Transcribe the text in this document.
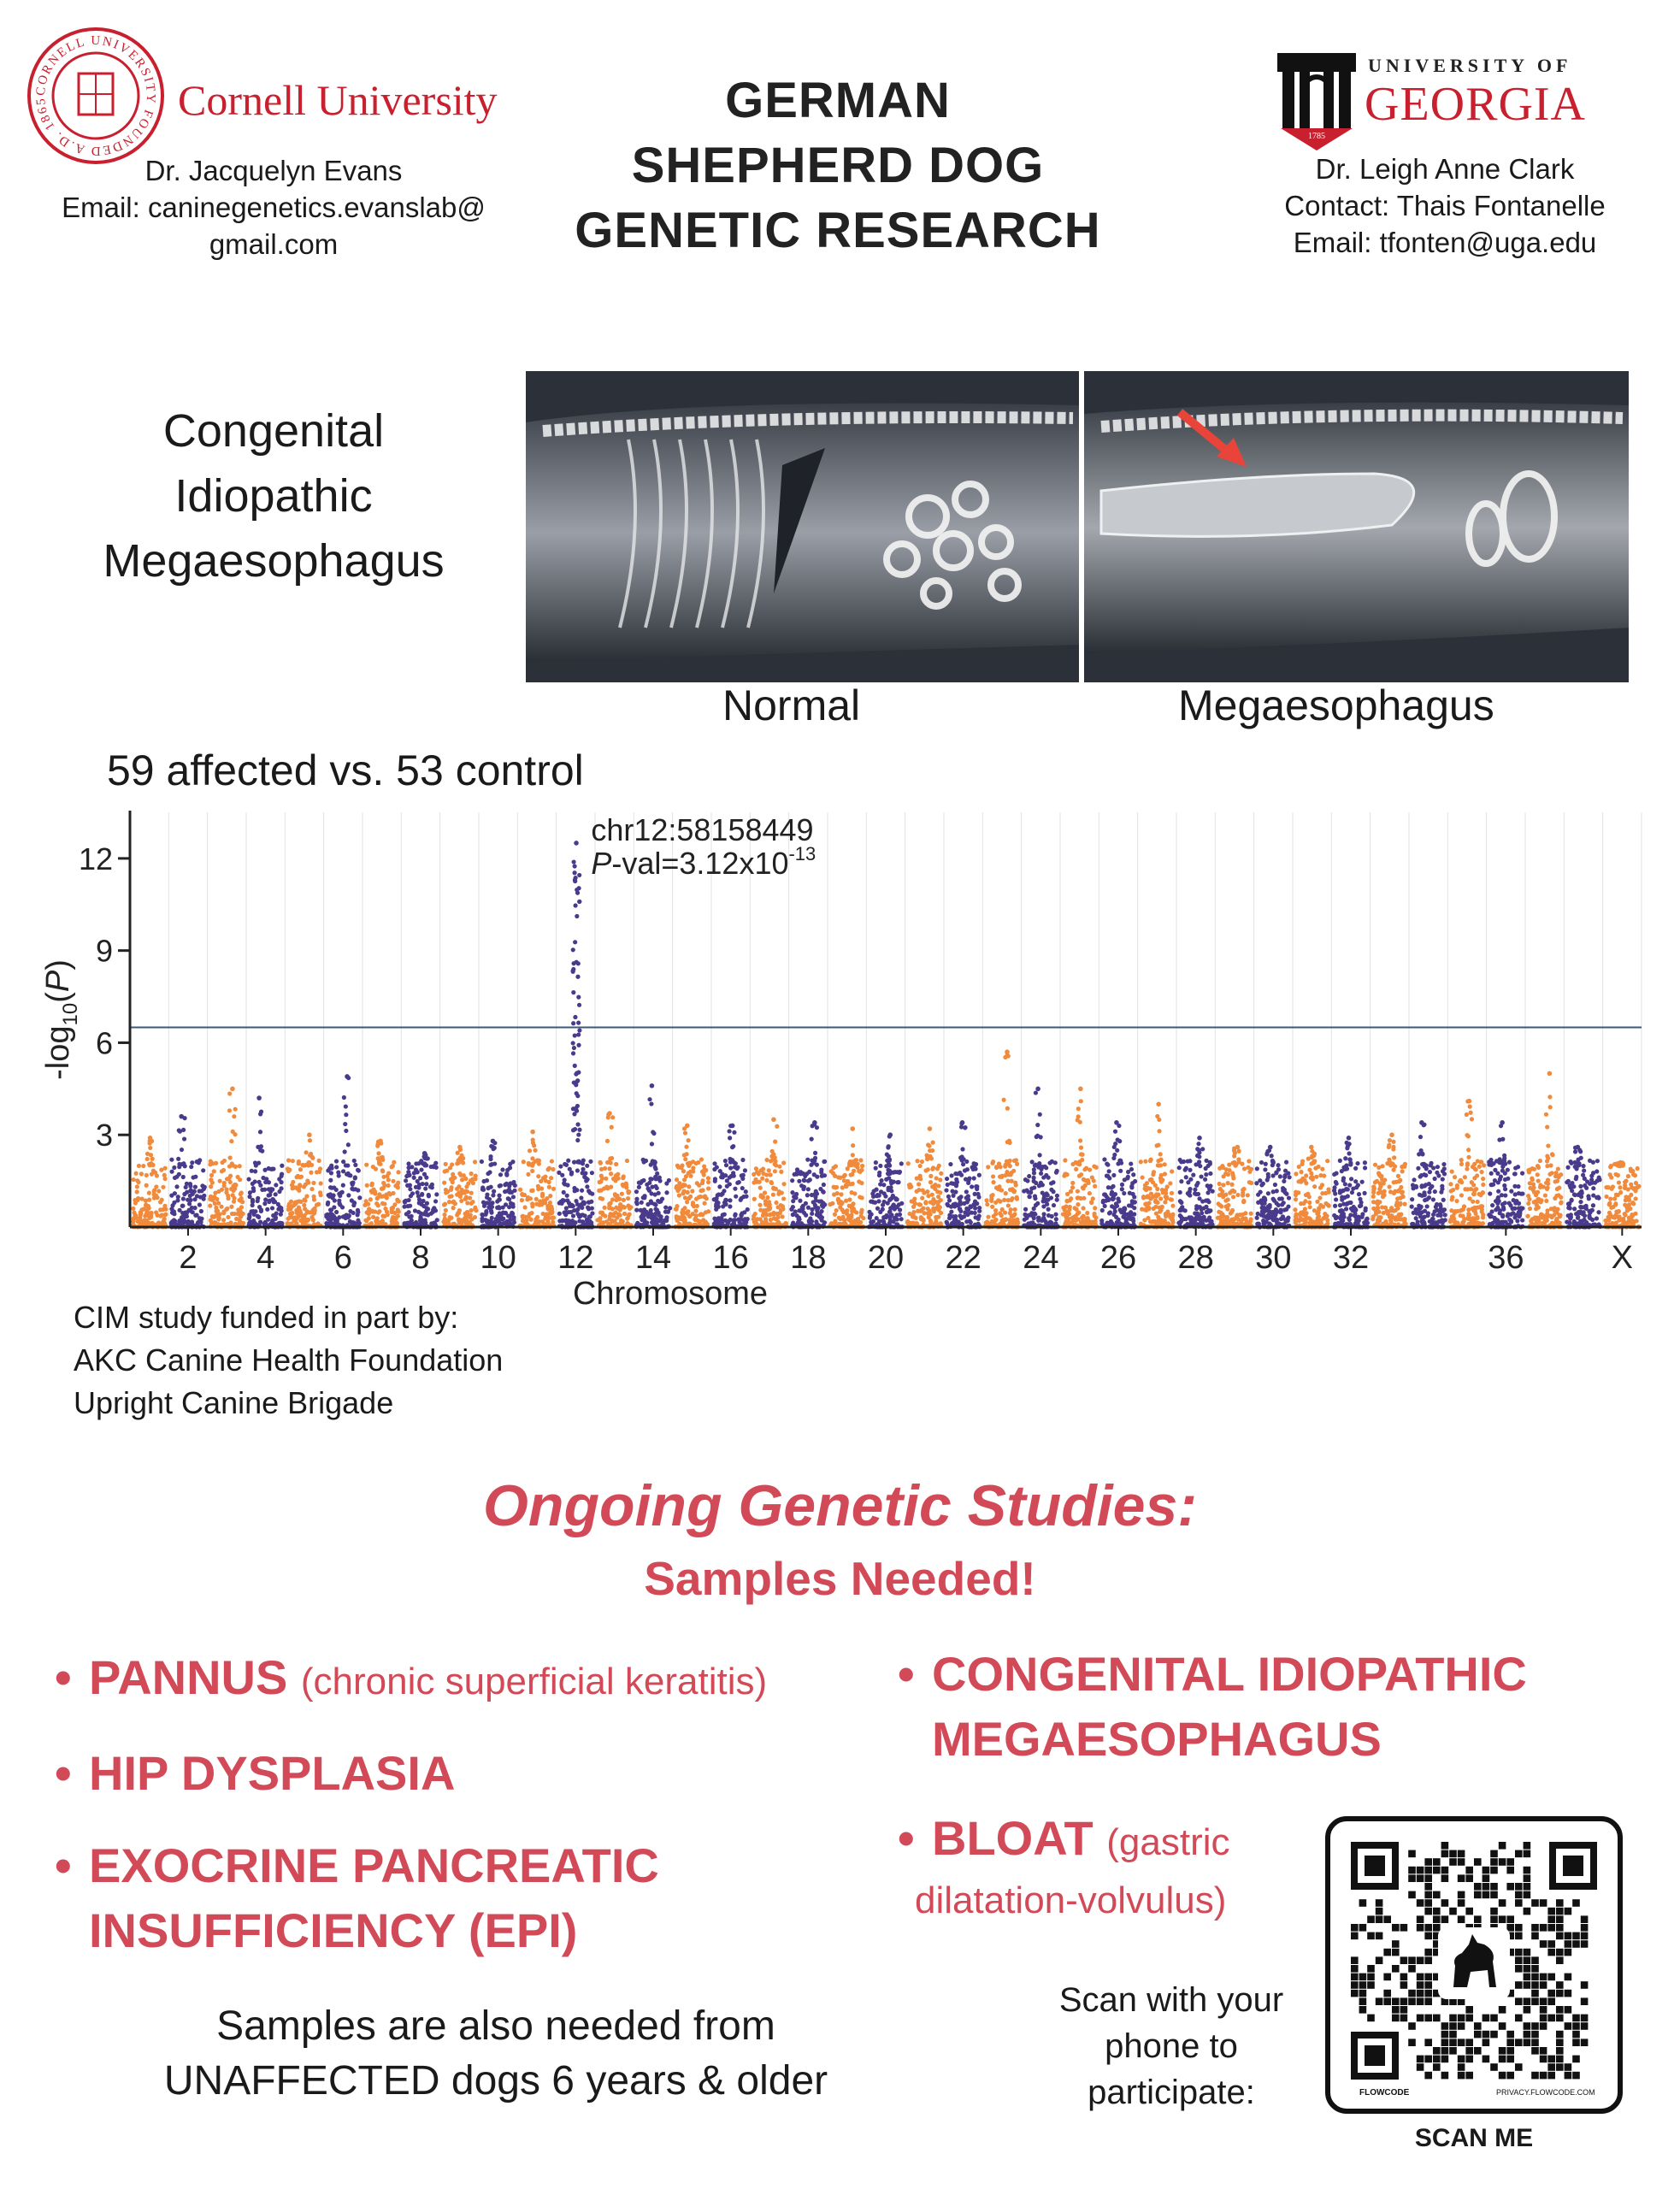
CORNELL UNIVERSITY FOUNDED A.D. 1865	Cornell University
Dr. Jacquelyn Evans
Email: caninegenetics.evanslab@
gmail.com
GERMAN
SHEPHERD DOG
GENETIC RESEARCH
1785
UNIVERSITY OF
GEORGIA
Dr. Leigh Anne Clark
Contact: Thais Fontanelle
Email: tfonten@uga.edu
Congenital
Idiopathic
Megaesophagus
Normal	Megaesophagus
59 affected vs. 53 control
3
6
9
12
2 4 6 8 10 12 14 16 18 20 22 24 26 28 30 32	36	X
Chromosome
$-\log_{10}(P)$
chr12:58158449
$P-val=3.12x10^{-13}$
CIM study funded in part by:
AKC Canine Health Foundation
Upright Canine Brigade
Ongoing Genetic Studies:
Samples Needed!
• PANNUS (chronic superficial keratitis)
• HIP DYSPLASIA
• EXOCRINE PANCREATIC
INSUFFICIENCY (EPI)
• CONGENITAL IDIOPATHIC
MEGAESOPHAGUS
• BLOAT (gastric
dilatation-volvulus)
Samples are also needed from
UNAFFECTED dogs 6 years & older
Scan with your
phone to
participate:	FLOWCODE	PRIVACY.FLOWCODE.COM
SCAN ME
